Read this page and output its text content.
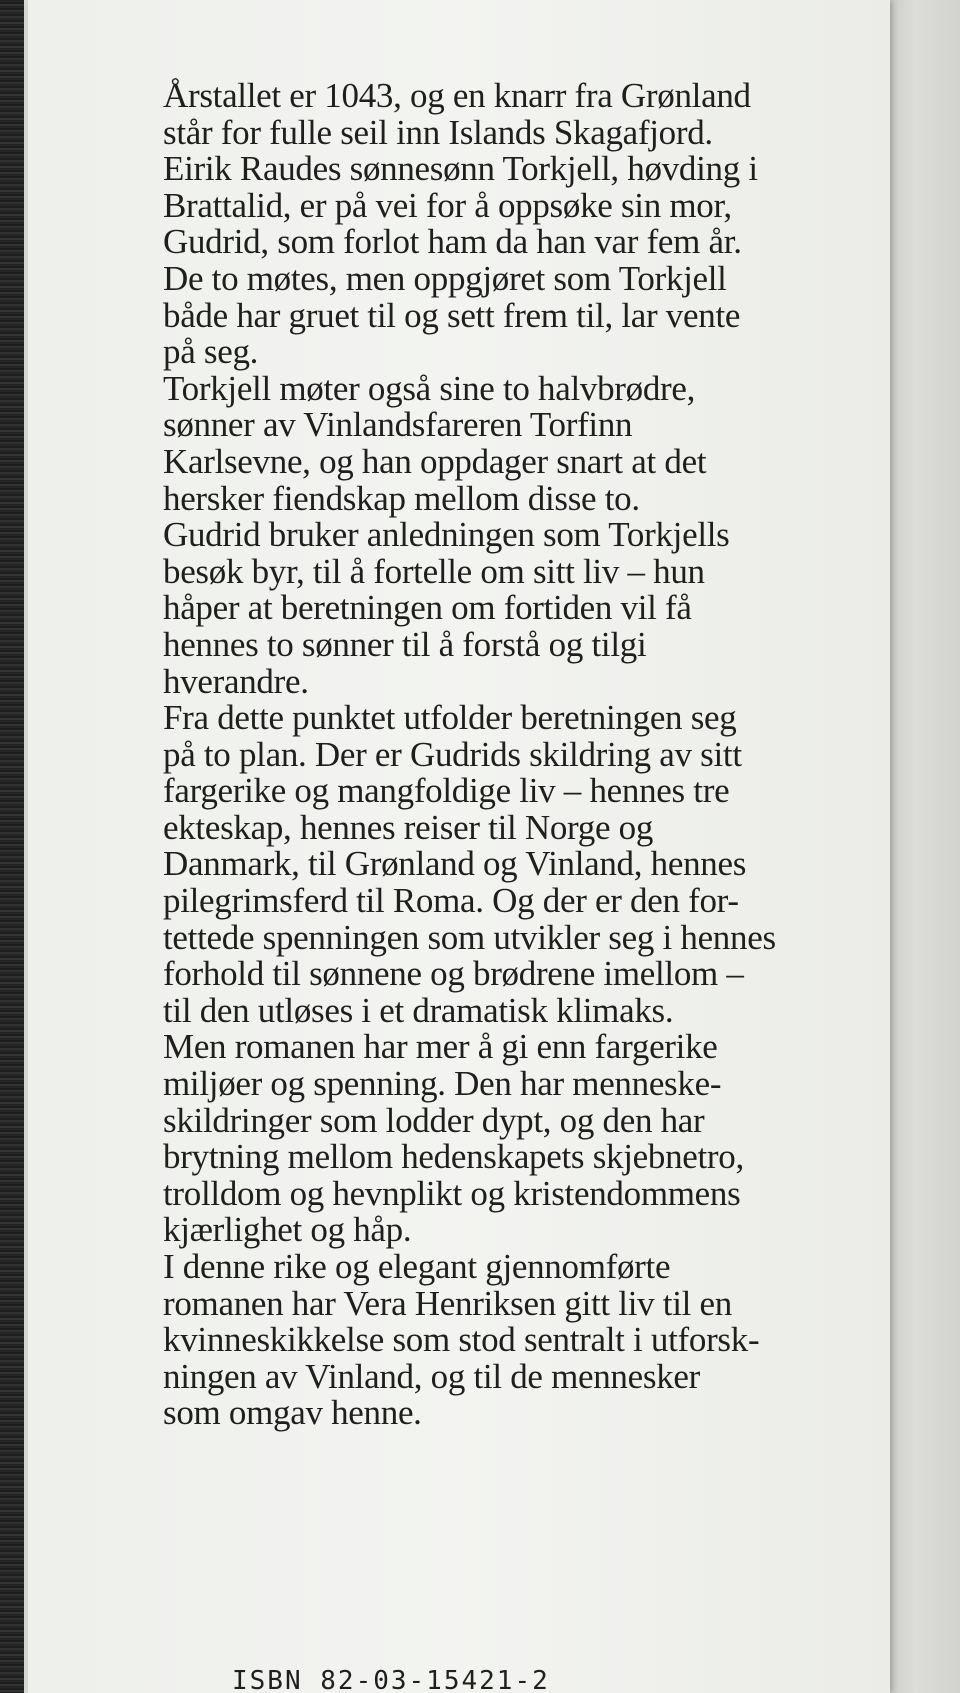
Årstallet er 1043, og en knarr fra Grønland
står for fulle seil inn Islands Skagafjord.
Eirik Raudes sønnesønn Torkjell, høvding i
Brattalid, er på vei for å oppsøke sin mor,
Gudrid, som forlot ham da han var fem år.
De to møtes, men oppgjøret som Torkjell
både har gruet til og sett frem til, lar vente
på seg.
Torkjell møter også sine to halvbrødre,
sønner av Vinlandsfareren Torfinn
Karlsevne, og han oppdager snart at det
hersker fiendskap mellom disse to.
Gudrid bruker anledningen som Torkjells
besøk byr, til å fortelle om sitt liv – hun
håper at beretningen om fortiden vil få
hennes to sønner til å forstå og tilgi
hverandre.
Fra dette punktet utfolder beretningen seg
på to plan. Der er Gudrids skildring av sitt
fargerike og mangfoldige liv – hennes tre
ekteskap, hennes reiser til Norge og
Danmark, til Grønland og Vinland, hennes
pilegrimsferd til Roma. Og der er den for-
tettede spenningen som utvikler seg i hennes
forhold til sønnene og brødrene imellom –
til den utløses i et dramatisk klimaks.
Men romanen har mer å gi enn fargerike
miljøer og spenning. Den har menneske-
skildringer som lodder dypt, og den har
brytning mellom hedenskapets skjebnetro,
trolldom og hevnplikt og kristendommens
kjærlighet og håp.
I denne rike og elegant gjennomførte
romanen har Vera Henriksen gitt liv til en
kvinneskikkelse som stod sentralt i utforsk-
ningen av Vinland, og til de mennesker
som omgav henne.

ISBN 82-03-15421-2
